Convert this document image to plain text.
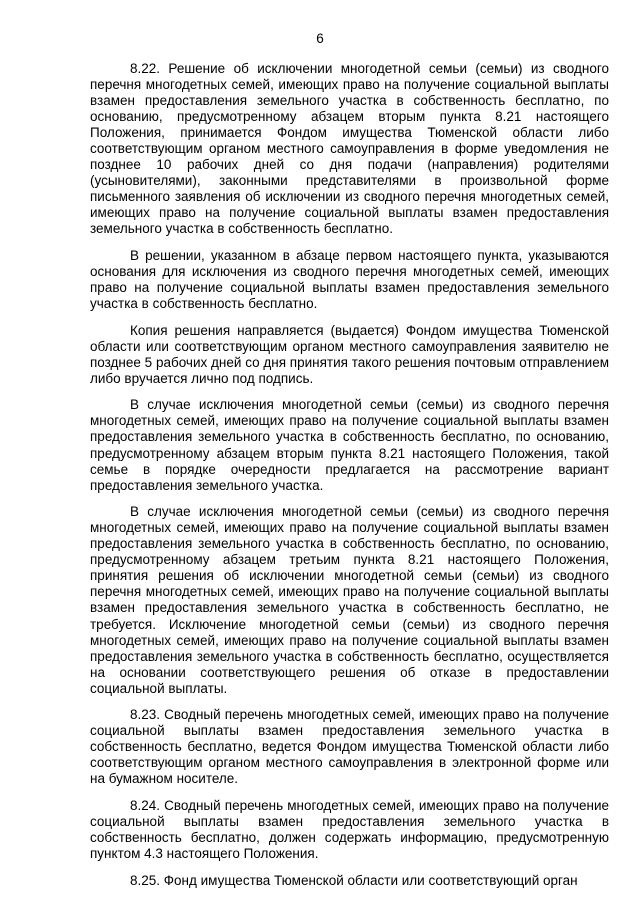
6

8.22. Решение об исключении многодетной семьи (семьи) из сводного перечня многодетных семей, имеющих право на получение социальной выплаты взамен предоставления земельного участка в собственность бесплатно, по основанию, предусмотренному абзацем вторым пункта 8.21 настоящего Положения, принимается Фондом имущества Тюменской области либо соответствующим органом местного самоуправления в форме уведомления не позднее 10 рабочих дней со дня подачи (направления) родителями (усыновителями), законными представителями в произвольной форме письменного заявления об исключении из сводного перечня многодетных семей, имеющих право на получение социальной выплаты взамен предоставления земельного участка в собственность бесплатно.

В решении, указанном в абзаце первом настоящего пункта, указываются основания для исключения из сводного перечня многодетных семей, имеющих право на получение социальной выплаты взамен предоставления земельного участка в собственность бесплатно.

Копия решения направляется (выдается) Фондом имущества Тюменской области или соответствующим органом местного самоуправления заявителю не позднее 5 рабочих дней со дня принятия такого решения почтовым отправлением либо вручается лично под подпись.

В случае исключения многодетной семьи (семьи) из сводного перечня многодетных семей, имеющих право на получение социальной выплаты взамен предоставления земельного участка в собственность бесплатно, по основанию, предусмотренному абзацем вторым пункта 8.21 настоящего Положения, такой семье в порядке очередности предлагается на рассмотрение вариант предоставления земельного участка.

В случае исключения многодетной семьи (семьи) из сводного перечня многодетных семей, имеющих право на получение социальной выплаты взамен предоставления земельного участка в собственность бесплатно, по основанию, предусмотренному абзацем третьим пункта 8.21 настоящего Положения, принятия решения об исключении многодетной семьи (семьи) из сводного перечня многодетных семей, имеющих право на получение социальной выплаты взамен предоставления земельного участка в собственность бесплатно, не требуется. Исключение многодетной семьи (семьи) из сводного перечня многодетных семей, имеющих право на получение социальной выплаты взамен предоставления земельного участка в собственность бесплатно, осуществляется на основании соответствующего решения об отказе в предоставлении социальной выплаты.

8.23. Сводный перечень многодетных семей, имеющих право на получение социальной выплаты взамен предоставления земельного участка в собственность бесплатно, ведется Фондом имущества Тюменской области либо соответствующим органом местного самоуправления в электронной форме или на бумажном носителе.

8.24. Сводный перечень многодетных семей, имеющих право на получение социальной выплаты взамен предоставления земельного участка в собственность бесплатно, должен содержать информацию, предусмотренную пунктом 4.3 настоящего Положения.

8.25. Фонд имущества Тюменской области или соответствующий орган
